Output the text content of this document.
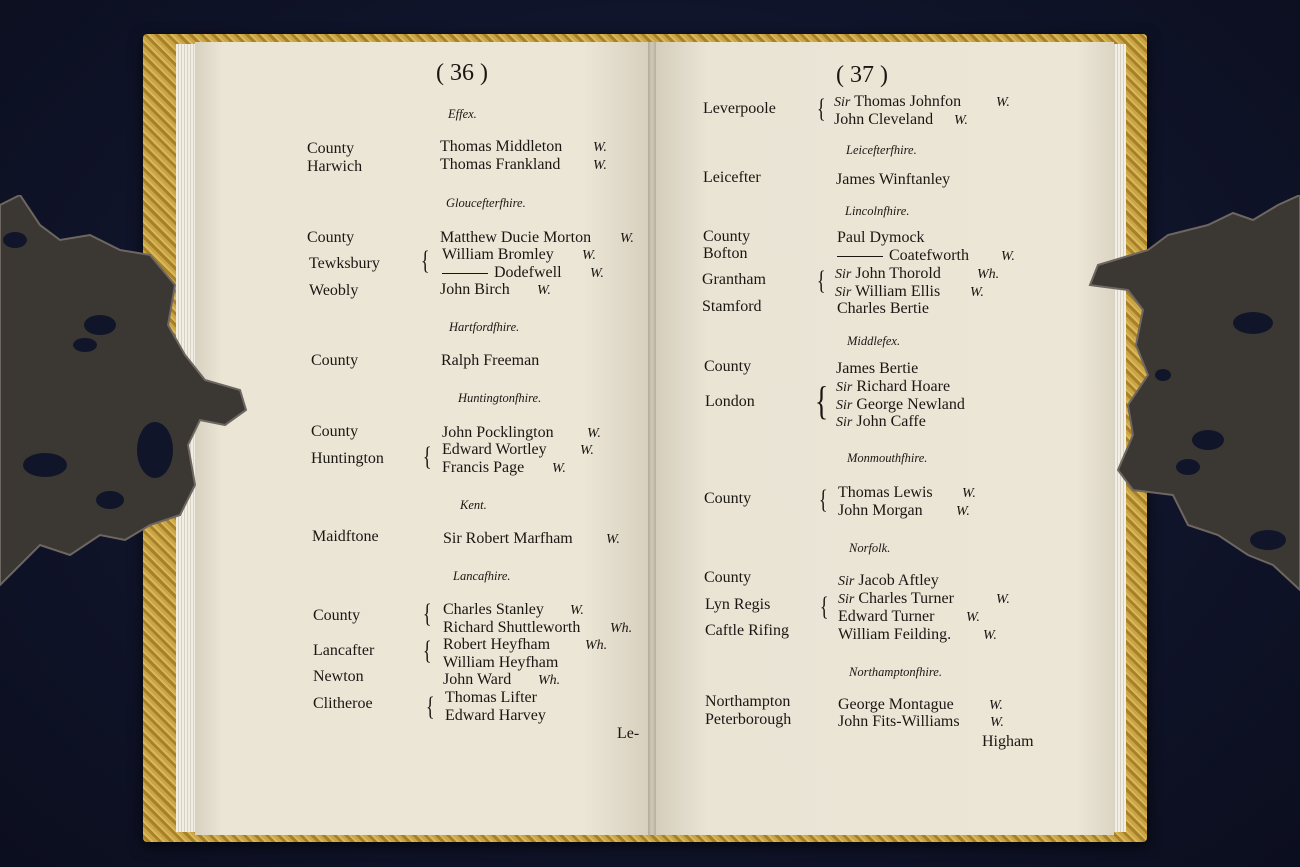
( 36 )
Effex.
County	Thomas Middleton W.
Harwich	Thomas Frankland W.
Gloucefterfhire.
County	Matthew Ducie Morton W.
Tewksbury { William Bromley W.
Dodefwell W.
Weobly	John Birch W.
Hartfordfhire.
County	Ralph Freeman
Huntingtonfhire.
County	John Pocklington W.
Huntington { Edward Wortley W.
Francis Page W.
Kent.
Maidftone	Sir Robert Marfham W.
Lancafhire.
County { Charles Stanley W.
Richard Shuttleworth Wh.
Lancafter { Robert Heyfham Wh.
William Heyfham
Newton	John Ward Wh.
Clitheroe { Thomas Lifter
Edward Harvey
Le-
( 37 )
Leverpoole { Sir Thomas Johnfon W.
John Cleveland W.
Leicefterfhire.
Leicefter	James Winftanley
Lincolnfhire.
County	Paul Dymock
Bofton	Coatefworth W.
Grantham { Sir John Thorold	Wh.
Sir William Ellis W.
Stamford	Charles Bertie
Middlefex.
County	James Bertie
London { Sir Richard Hoare
Sir George Newland
Sir John Caffe
Monmouthfhire.
County	{ Thomas Lewis W.
John Morgan W.
Norfolk.
County	Sir Jacob Aftley
Lyn Regis { Sir Charles Turner	W.
Edward Turner W.
Caftle Rifing	William Feilding. W.
Northamptonfhire.
Northampton	George Montague	W.
Peterborough	John Fits-Williams W.
Higham
